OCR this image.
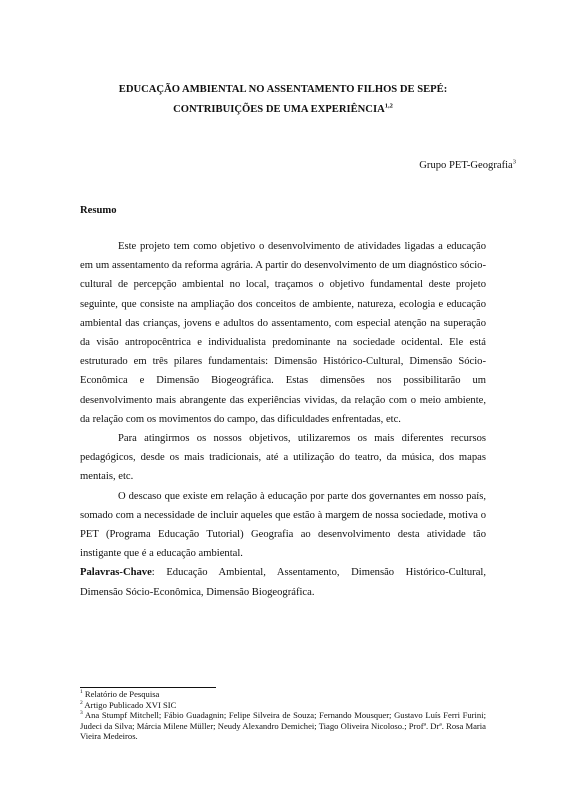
EDUCAÇÃO AMBIENTAL NO ASSENTAMENTO FILHOS DE SEPÉ:
CONTRIBUIÇÕES DE UMA EXPERIÊNCIA$^{1,2}$
Grupo PET-Geografia$^3$
Resumo

Este projeto tem como objetivo o desenvolvimento de atividades ligadas a educação em um assentamento da reforma agrária. A partir do desenvolvimento de um diagnóstico sócio-cultural de percepção ambiental no local, traçamos o objetivo fundamental deste projeto seguinte, que consiste na ampliação dos conceitos de ambiente, natureza, ecologia e educação ambiental das crianças, jovens e adultos do assentamento, com especial atenção na superação da visão antropocêntrica e individualista predominante na sociedade ocidental. Ele está estruturado em três pilares fundamentais: Dimensão Histórico-Cultural, Dimensão Sócio-Econômica e Dimensão Biogeográfica. Estas dimensões nos possibilitarão um desenvolvimento mais abrangente das experiências vividas, da relação com o meio ambiente, da relação com os movimentos do campo, das dificuldades enfrentadas, etc.

Para atingirmos os nossos objetivos, utilizaremos os mais diferentes recursos pedagógicos, desde os mais tradicionais, até a utilização do teatro, da música, dos mapas mentais, etc.

O descaso que existe em relação à educação por parte dos governantes em nosso país, somado com a necessidade de incluir aqueles que estão à margem de nossa sociedade, motiva o PET (Programa Educação Tutorial) Geografia ao desenvolvimento desta atividade tão instigante que é a educação ambiental.

Palavras-Chave: Educação Ambiental, Assentamento, Dimensão Histórico-Cultural, Dimensão Sócio-Econômica, Dimensão Biogeográfica.

$^1$ Relatório de Pesquisa

$^2$ Artigo Publicado XVI SIC

$^3$ Ana Stumpf Mitchell; Fábio Guadagnin; Felipe Silveira de Souza; Fernando Mousquer; Gustavo Luís Ferri Furini; Judeci da Silva; Márcia Milene Müller; Neudy Alexandro Demichei; Tiago Oliveira Nicoloso.; Profª. Drª. Rosa Maria Vieira Medeiros.
